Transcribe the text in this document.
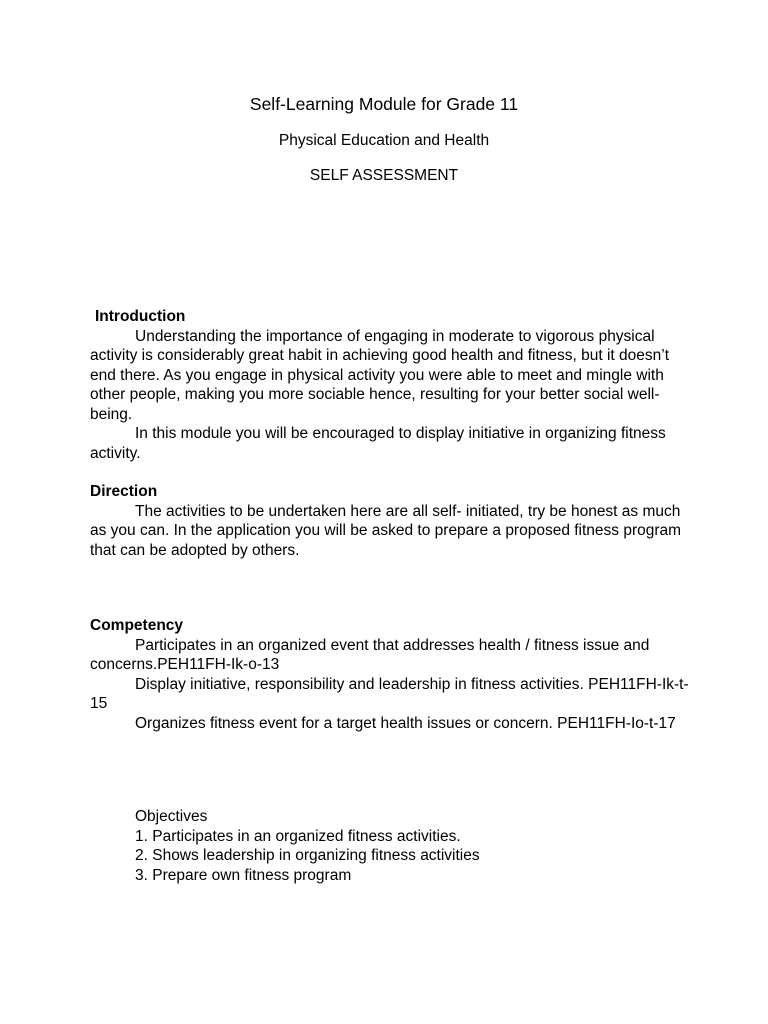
Self-Learning Module for Grade 11
Physical Education and Health
SELF ASSESSMENT
Introduction

Understanding the importance of engaging in moderate to vigorous physical activity is considerably great habit in achieving good health and fitness, but it doesn’t end there. As you engage in physical activity you were able to meet and mingle with other people, making you more sociable hence, resulting for your better social well- being.

In this module you will be encouraged to display initiative in organizing fitness activity.

Direction

The activities to be undertaken here are all self- initiated, try be honest as much as you can. In the application you will be asked to prepare a proposed fitness program that can be adopted by others.

Competency

Participates in an organized event that addresses health / fitness issue and concerns.PEH11FH-Ik-o-13

Display initiative, responsibility and leadership in fitness activities. PEH11FH-Ik-t-15

Organizes fitness event for a target health issues or concern. PEH11FH-Io-t-17

Objectives
1. Participates in an organized fitness activities.
2. Shows leadership in organizing fitness activities
3. Prepare own fitness program
